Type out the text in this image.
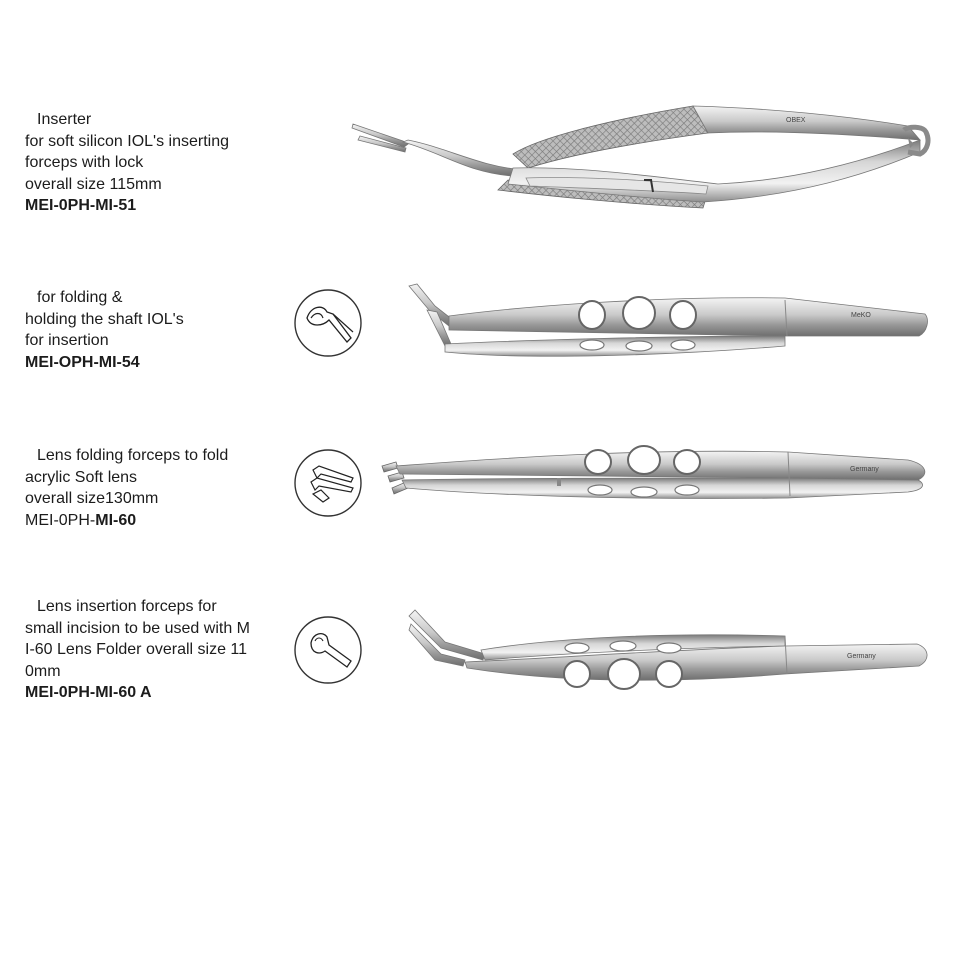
Inserter
for soft silicon IOL's inserting
forceps with lock
overall size 115mm
MEI-0PH-MI-51
ОВЕХ
for folding &
holding the shaft IOL's
for insertion
MEI-OPH-MI-54
MeKO
Lens folding forceps to fold
acrylic Soft lens
overall size130mm
MEI-0PH-MI-60
Germany
Lens insertion forceps for
small incision to be used with M
I-60 Lens Folder overall size 11
0mm
MEI-0PH-MI-60 A
Germany
